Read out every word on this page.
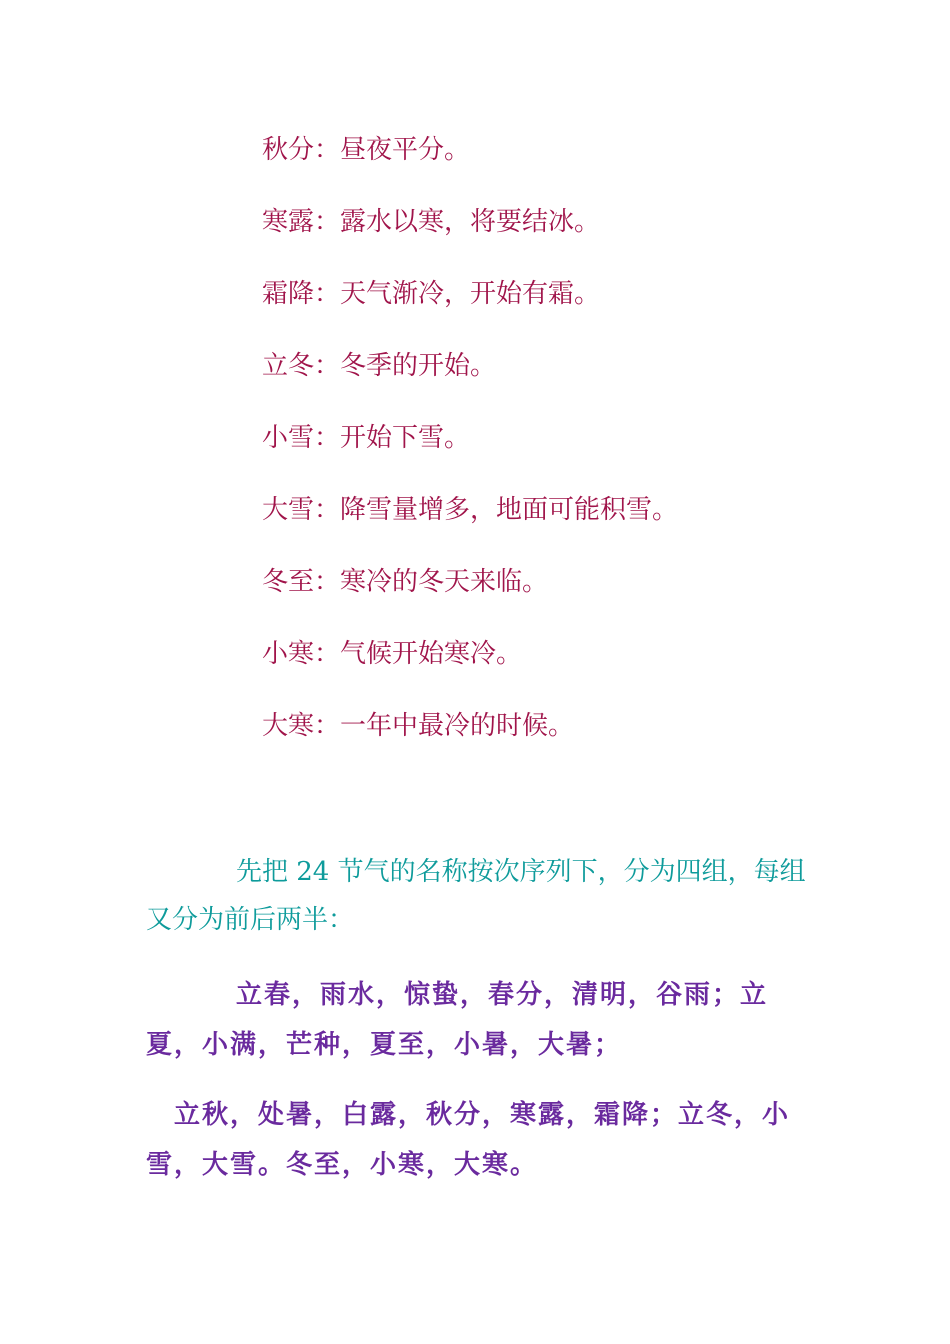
秋分：昼夜平分。
寒露：露水以寒，将要结冰。
霜降：天气渐冷，开始有霜。
立冬：冬季的开始。
小雪：开始下雪。
大雪：降雪量增多，地面可能积雪。
冬至：寒冷的冬天来临。
小寒：气候开始寒冷。
大寒：一年中最冷的时候。

先把 24 节气的名称按次序列下，分为四组，每组又分为前后两半：

立春，雨水，惊蛰，春分，清明，谷雨；立夏，小满，芒种，夏至，小暑，大暑；

立秋，处暑，白露，秋分，寒露，霜降；立冬，小雪，大雪。冬至，小寒，大寒。
